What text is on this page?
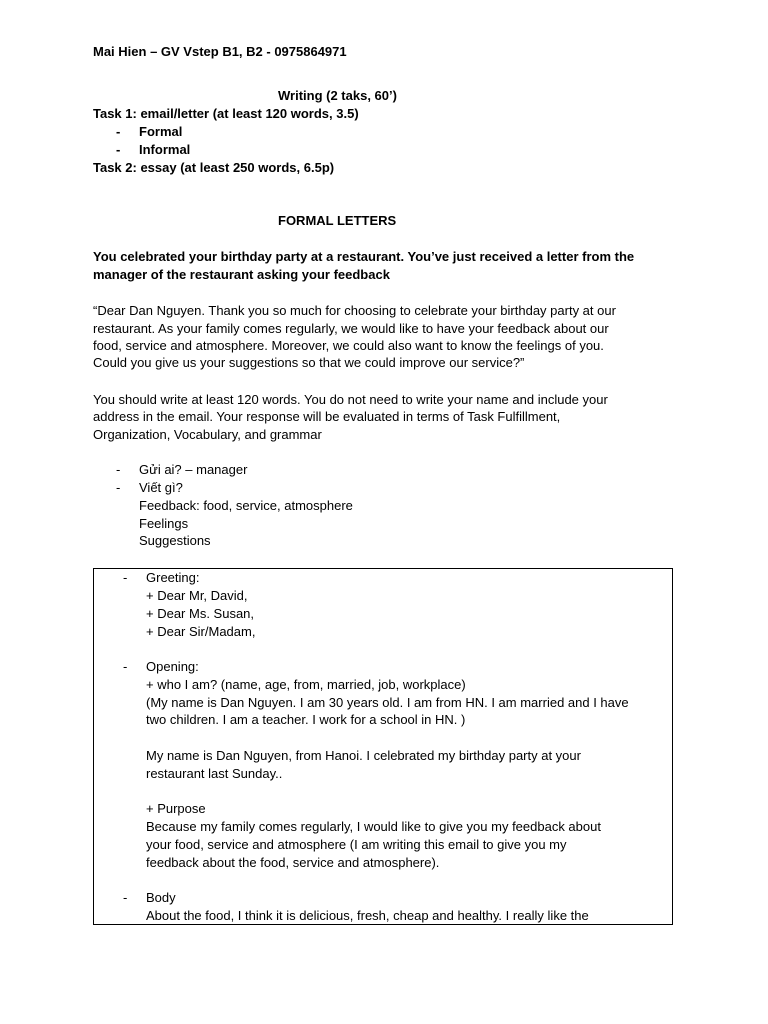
Mai Hien – GV Vstep B1, B2 - 0975864971
Writing (2 taks, 60’)
Task 1: email/letter (at least 120 words, 3.5)
- Formal
- Informal
Task 2: essay (at least 250 words, 6.5p)
FORMAL LETTERS
You celebrated your birthday party at a restaurant. You’ve just received a letter from the
manager of the restaurant asking your feedback
“Dear Dan Nguyen. Thank you so much for choosing to celebrate your birthday party at our
restaurant. As your family comes regularly, we would like to have your feedback about our
food, service and atmosphere. Moreover, we could also want to know the feelings of you.
Could you give us your suggestions so that we could improve our service?”
You should write at least 120 words. You do not need to write your name and include your
address in the email. Your response will be evaluated in terms of Task Fulfillment,
Organization, Vocabulary, and grammar
- Gửi ai? – manager
- Viết gì?
Feedback: food, service, atmosphere
Feelings
Suggestions
- Greeting:
+ Dear Mr, David,
+ Dear Ms. Susan,
+ Dear Sir/Madam,
- Opening:
+ who I am? (name, age, from, married, job, workplace)
(My name is Dan Nguyen. I am 30 years old. I am from HN. I am married and I have
two children. I am a teacher. I work for a school in HN. )
My name is Dan Nguyen, from Hanoi. I celebrated my birthday party at your
restaurant last Sunday..
+ Purpose
Because my family comes regularly, I would like to give you my feedback about
your food, service and atmosphere (I am writing this email to give you my
feedback about the food, service and atmosphere).
- Body
About the food, I think it is delicious, fresh, cheap and healthy. I really like the
